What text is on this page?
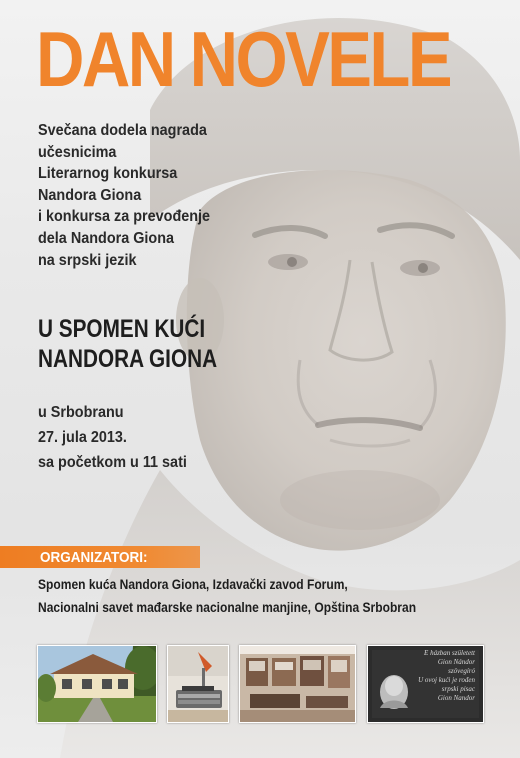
DAN NOVELE
Svečana dodela nagrada
učesnicima
Literarnog konkursa
Nandora Giona
i konkursa za prevođenje
dela Nandora Giona
na srpski jezik
U SPOMEN KUĆI
NANDORA GIONA
u Srbobranu
27. jula 2013.
sa početkom u 11 sati
ORGANIZATORI:
Spomen kuća Nandora Giona, Izdavački zavod Forum,
Nacionalni savet mađarske nacionalne manjine, Opština Srbobran
E házban született
Gion Nándor
szövegíró
U ovoj kući je rođen
srpski pisac
Gion Nandor
